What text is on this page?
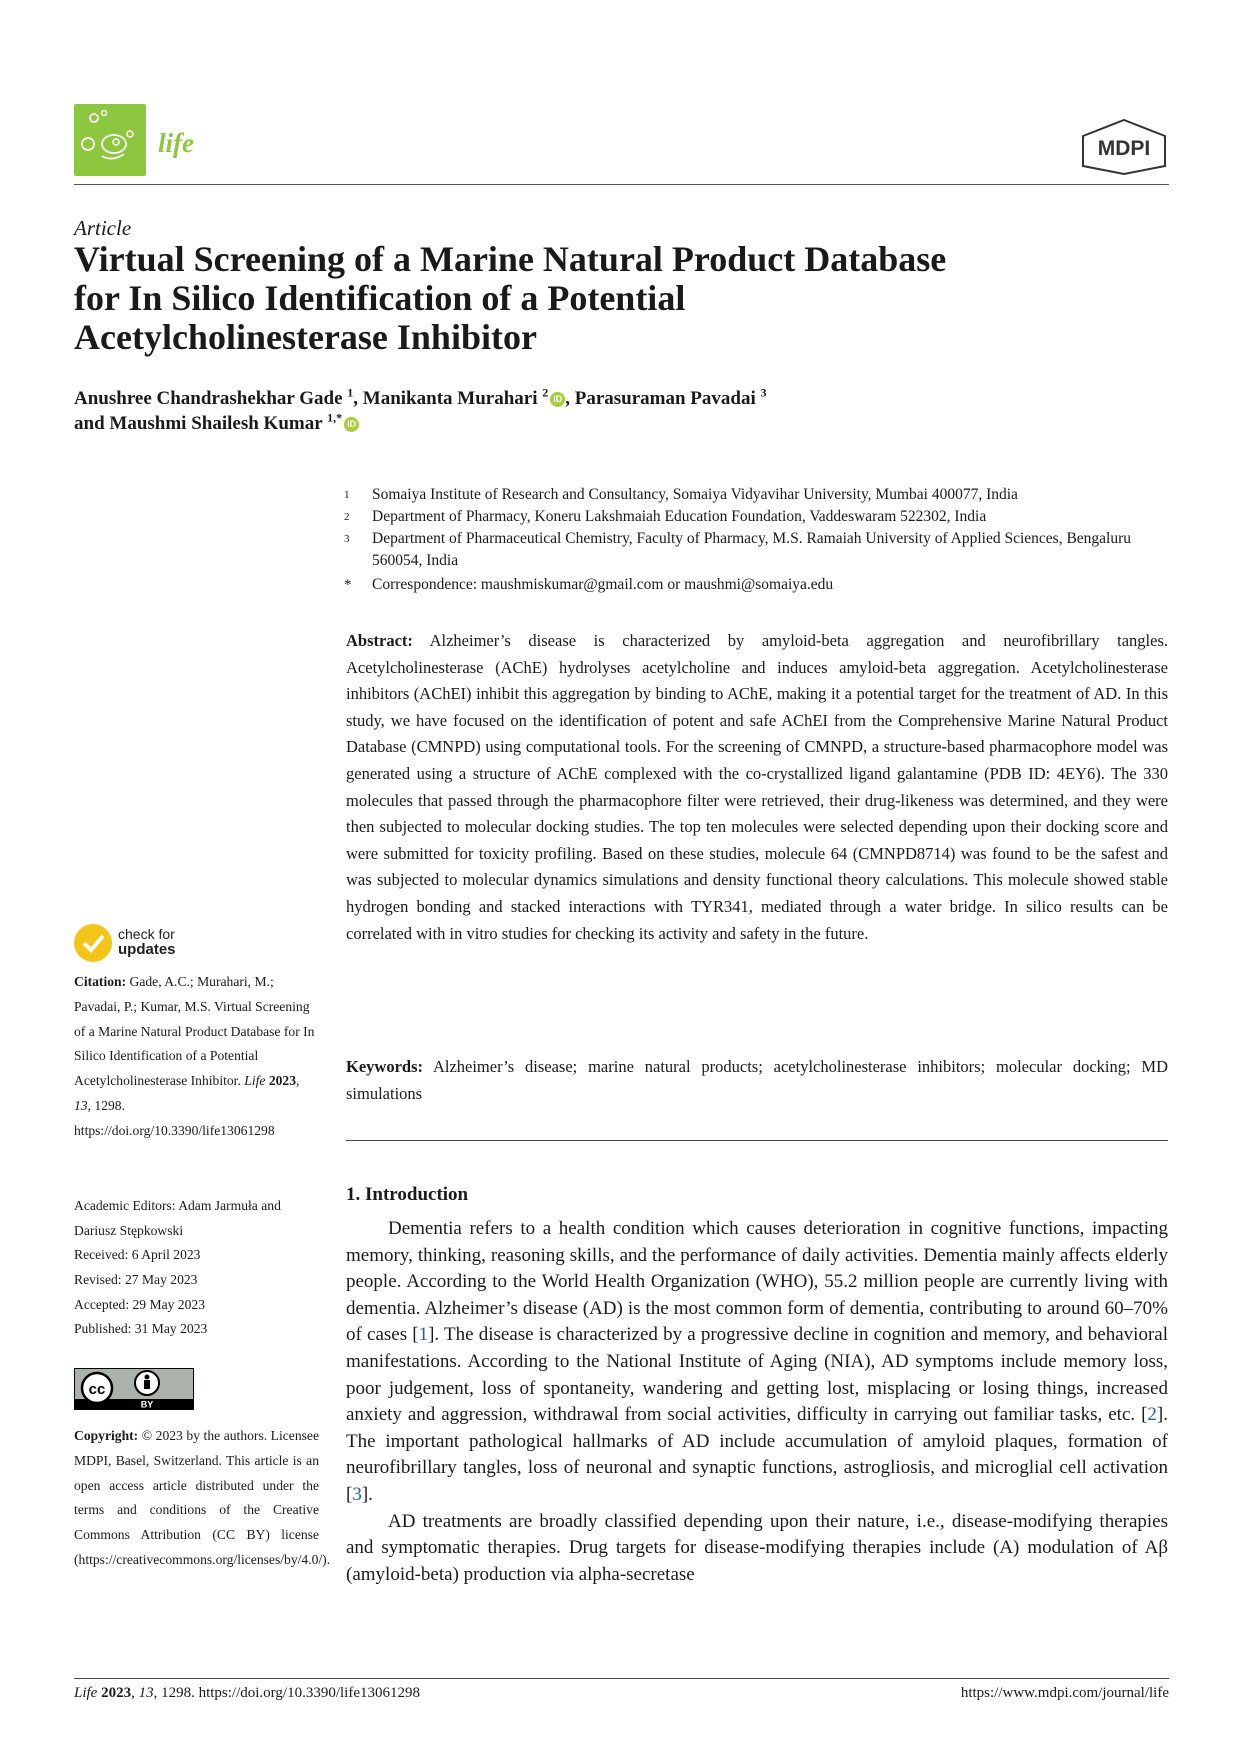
life	MDPI
Article
Virtual Screening of a Marine Natural Product Database
for In Silico Identification of a Potential
Acetylcholinesterase Inhibitor
Anushree Chandrashekhar Gade $^1$, Manikanta Murahari $^2$ iD , Parasuraman Pavadai $^3$
and Maushmi Shailesh Kumar $^{1,*}$ iD
1 Somaiya Institute of Research and Consultancy, Somaiya Vidyavihar University, Mumbai 400077, India
2 Department of Pharmacy, Koneru Lakshmaiah Education Foundation, Vaddeswaram 522302, India
3 Department of Pharmaceutical Chemistry, Faculty of Pharmacy, M.S. Ramaiah University of Applied Sciences, Bengaluru 560054, India
* Correspondence: maushmiskumar@gmail.com or maushmi@somaiya.edu
Abstract: Alzheimer’s disease is characterized by amyloid-beta aggregation and neurofibrillary tangles. Acetylcholinesterase (AChE) hydrolyses acetylcholine and induces amyloid-beta aggregation. Acetylcholinesterase inhibitors (AChEI) inhibit this aggregation by binding to AChE, making it a potential target for the treatment of AD. In this study, we have focused on the identification of potent and safe AChEI from the Comprehensive Marine Natural Product Database (CMNPD) using computational tools. For the screening of CMNPD, a structure-based pharmacophore model was generated using a structure of AChE complexed with the co-crystallized ligand galantamine (PDB ID: 4EY6). The 330 molecules that passed through the pharmacophore filter were retrieved, their drug-likeness was determined, and they were then subjected to molecular docking studies. The top ten molecules were selected depending upon their docking score and were submitted for toxicity profiling. Based on these studies, molecule 64 (CMNPD8714) was found to be the safest and was subjected to molecular dynamics simulations and density functional theory calculations. This molecule showed stable hydrogen bonding and stacked interactions with TYR341, mediated through a water bridge. In silico results can be correlated with in vitro studies for checking its activity and safety in the future.
Keywords: Alzheimer’s disease; marine natural products; acetylcholinesterase inhibitors; molecular docking; MD simulations
1. Introduction

Dementia refers to a health condition which causes deterioration in cognitive functions, impacting memory, thinking, reasoning skills, and the performance of daily activities. Dementia mainly affects elderly people. According to the World Health Organization (WHO), 55.2 million people are currently living with dementia. Alzheimer’s disease (AD) is the most common form of dementia, contributing to around 60–70% of cases [1]. The disease is characterized by a progressive decline in cognition and memory, and behavioral manifestations. According to the National Institute of Aging (NIA), AD symptoms include memory loss, poor judgement, loss of spontaneity, wandering and getting lost, misplacing or losing things, increased anxiety and aggression, withdrawal from social activities, difficulty in carrying out familiar tasks, etc. [2]. The important pathological hallmarks of AD include accumulation of amyloid plaques, formation of neurofibrillary tangles, loss of neuronal and synaptic functions, astrogliosis, and microglial cell activation [3].

AD treatments are broadly classified depending upon their nature, i.e., disease-modifying therapies and symptomatic therapies. Drug targets for disease-modifying therapies include (A) modulation of Aβ (amyloid-beta) production via alpha-secretase

check for
updates
Citation: Gade, A.C.; Murahari, M.; Pavadai, P.; Kumar, M.S. Virtual Screening of a Marine Natural Product Database for In Silico Identification of a Potential Acetylcholinesterase Inhibitor. Life 2023, 13, 1298. https://doi.org/10.3390/life13061298
Academic Editors: Adam Jarmuła and Dariusz Stępkowski
Received: 6 April 2023
Revised: 27 May 2023
Accepted: 29 May 2023
Published: 31 May 2023
cc
BY
Copyright: © 2023 by the authors. Licensee MDPI, Basel, Switzerland. This article is an open access article distributed under the terms and conditions of the Creative Commons Attribution (CC BY) license (https://creativecommons.org/licenses/by/4.0/).
Life 2023, 13, 1298. https://doi.org/10.3390/life13061298	https://www.mdpi.com/journal/life
